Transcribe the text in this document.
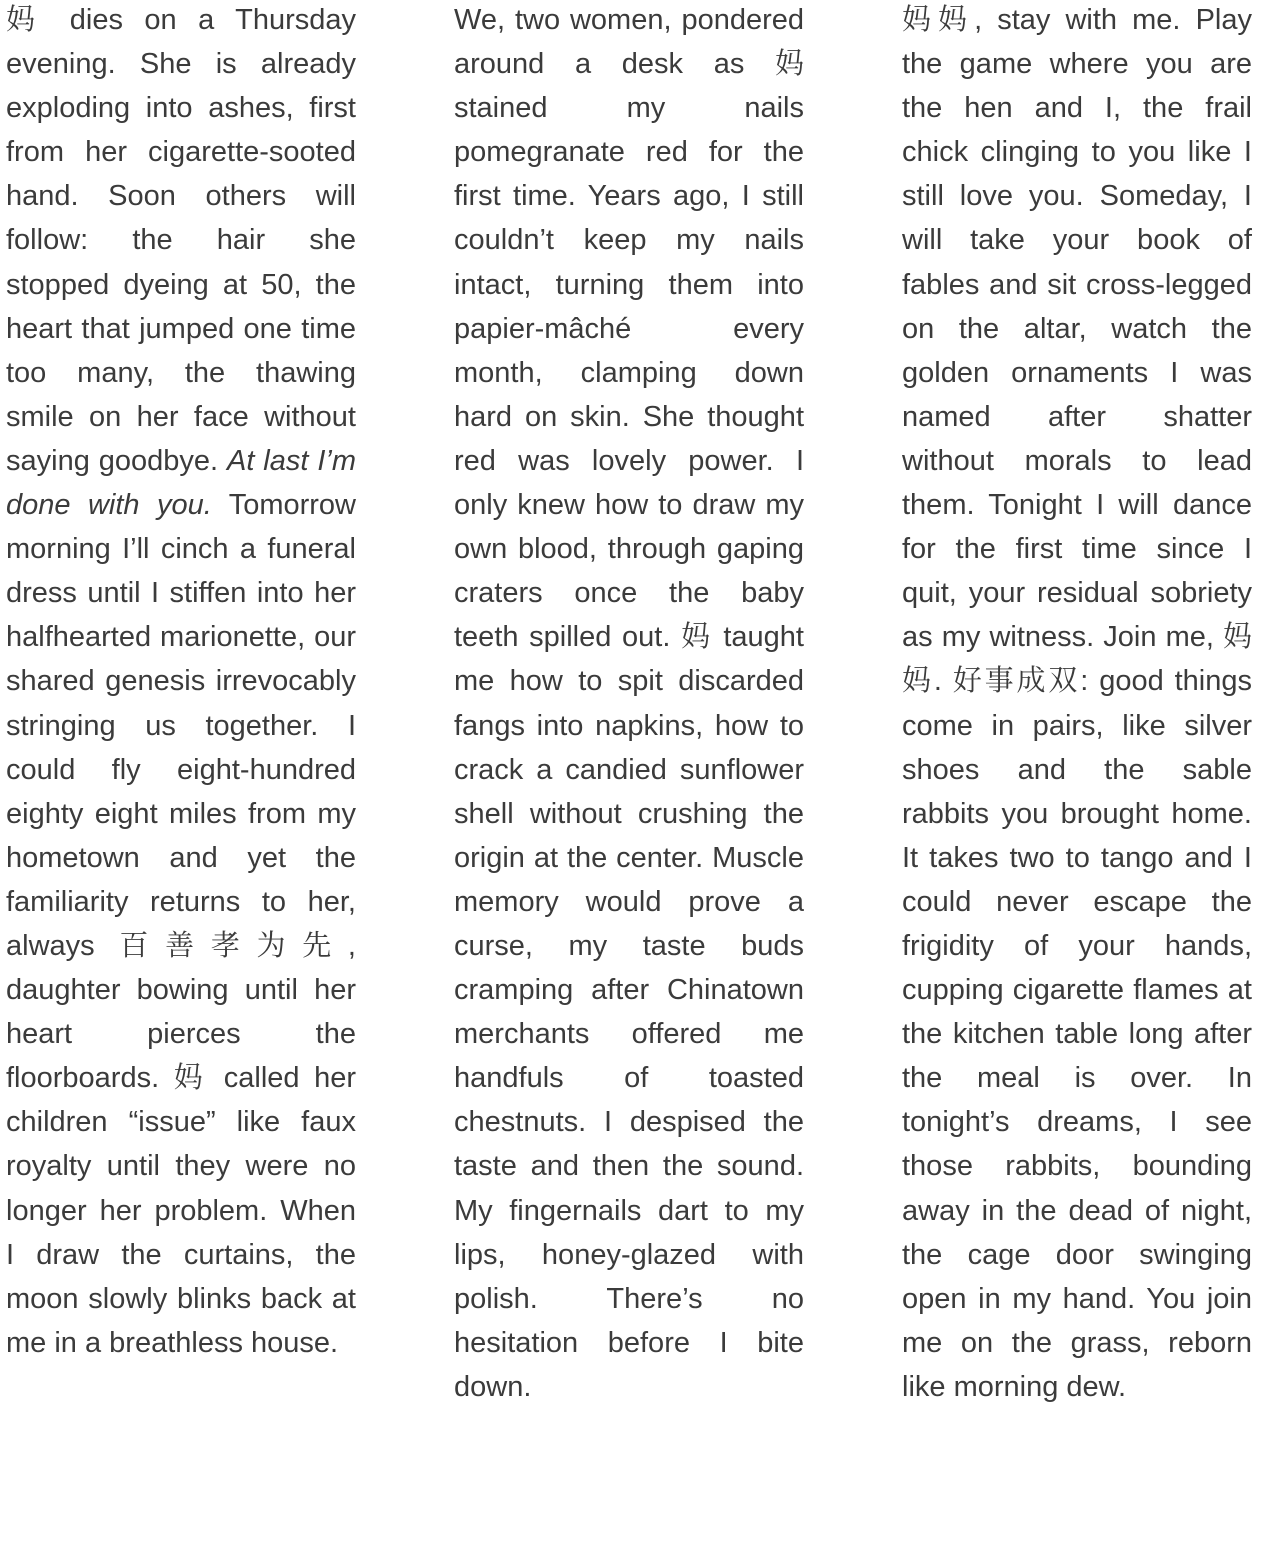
妈 dies on a Thursday evening. She is already exploding into ashes, first from her cigarette-sooted hand. Soon others will follow: the hair she stopped dyeing at 50, the heart that jumped one time too many, the thawing smile on her face without saying goodbye. At last I’m done with you. Tomorrow morning I’ll cinch a funeral dress until I stiffen into her halfhearted marionette, our shared genesis irrevocably stringing us together. I could fly eight-hundred eighty eight miles from my hometown and yet the familiarity returns to her, always 百善孝为先, daughter bowing until her heart pierces the floorboards. 妈 called her children “issue” like faux royalty until they were no longer her problem. When I draw the curtains, the moon slowly blinks back at me in a breathless house.

We, two women, pondered around a desk as 妈 stained my nails pomegranate red for the first time. Years ago, I still couldn’t keep my nails intact, turning them into papier-mâché every month, clamping down hard on skin. She thought red was lovely power. I only knew how to draw my own blood, through gaping craters once the baby teeth spilled out. 妈 taught me how to spit discarded fangs into napkins, how to crack a candied sunflower shell without crushing the origin at the center. Muscle memory would prove a curse, my taste buds cramping after Chinatown merchants offered me handfuls of toasted chestnuts. I despised the taste and then the sound. My fingernails dart to my lips, honey-glazed with polish. There’s no hesitation before I bite down.

妈妈, stay with me. Play the game where you are the hen and I, the frail chick clinging to you like I still love you. Someday, I will take your book of fables and sit cross-legged on the altar, watch the golden ornaments I was named after shatter without morals to lead them. Tonight I will dance for the first time since I quit, your residual sobriety as my witness. Join me, 妈妈. 好事成双: good things come in pairs, like silver shoes and the sable rabbits you brought home. It takes two to tango and I could never escape the frigidity of your hands, cupping cigarette flames at the kitchen table long after the meal is over. In tonight’s dreams, I see those rabbits, bounding away in the dead of night, the cage door swinging open in my hand. You join me on the grass, reborn like morning dew.
